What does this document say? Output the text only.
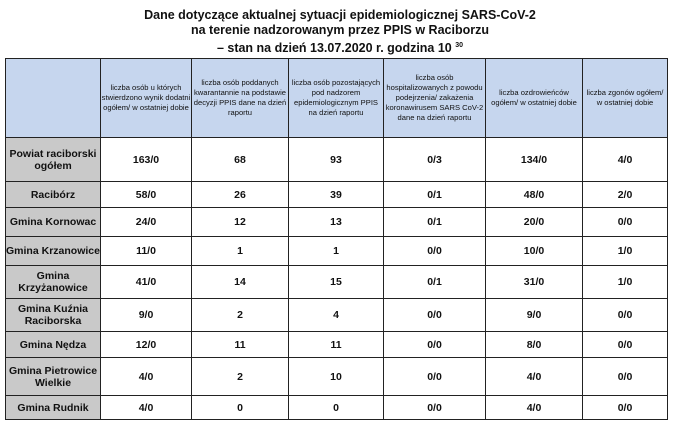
Dane dotyczące aktualnej sytuacji epidemiologicznej SARS-CoV-2
na terenie nadzorowanym przez PPIS w Raciborzu
– stan na dzień 13.07.2020 r. godzina 10 $^{30}$
	liczba osób u których stwierdzono wynik dodatni ogółem/ w ostatniej dobie	liczba osób poddanych kwarantannie na podstawie decyzji PPIS dane na dzień raportu	liczba osób pozostających pod nadzorem epidemiologicznym PPIS na dzień raportu	liczba osób hospitalizowanych z powodu podejrzenia/ zakażenia koronawirusem SARS CoV-2 dane na dzień raportu	liczba ozdrowieńców ogółem/ w ostatniej dobie	liczba zgonów ogółem/ w ostatniej dobie
Powiat raciborski ogółem	163/0	68	93	0/3	134/0	4/0
Racibórz	58/0	26	39	0/1	48/0	2/0
Gmina Kornowac	24/0	12	13	0/1	20/0	0/0
Gmina Krzanowice	11/0	1	1	0/0	10/0	1/0
Gmina Krzyżanowice	41/0	14	15	0/1	31/0	1/0
Gmina Kuźnia Raciborska	9/0	2	4	0/0	9/0	0/0
Gmina Nędza	12/0	11	11	0/0	8/0	0/0
Gmina Pietrowice Wielkie	4/0	2	10	0/0	4/0	0/0
Gmina Rudnik	4/0	0	0	0/0	4/0	0/0
